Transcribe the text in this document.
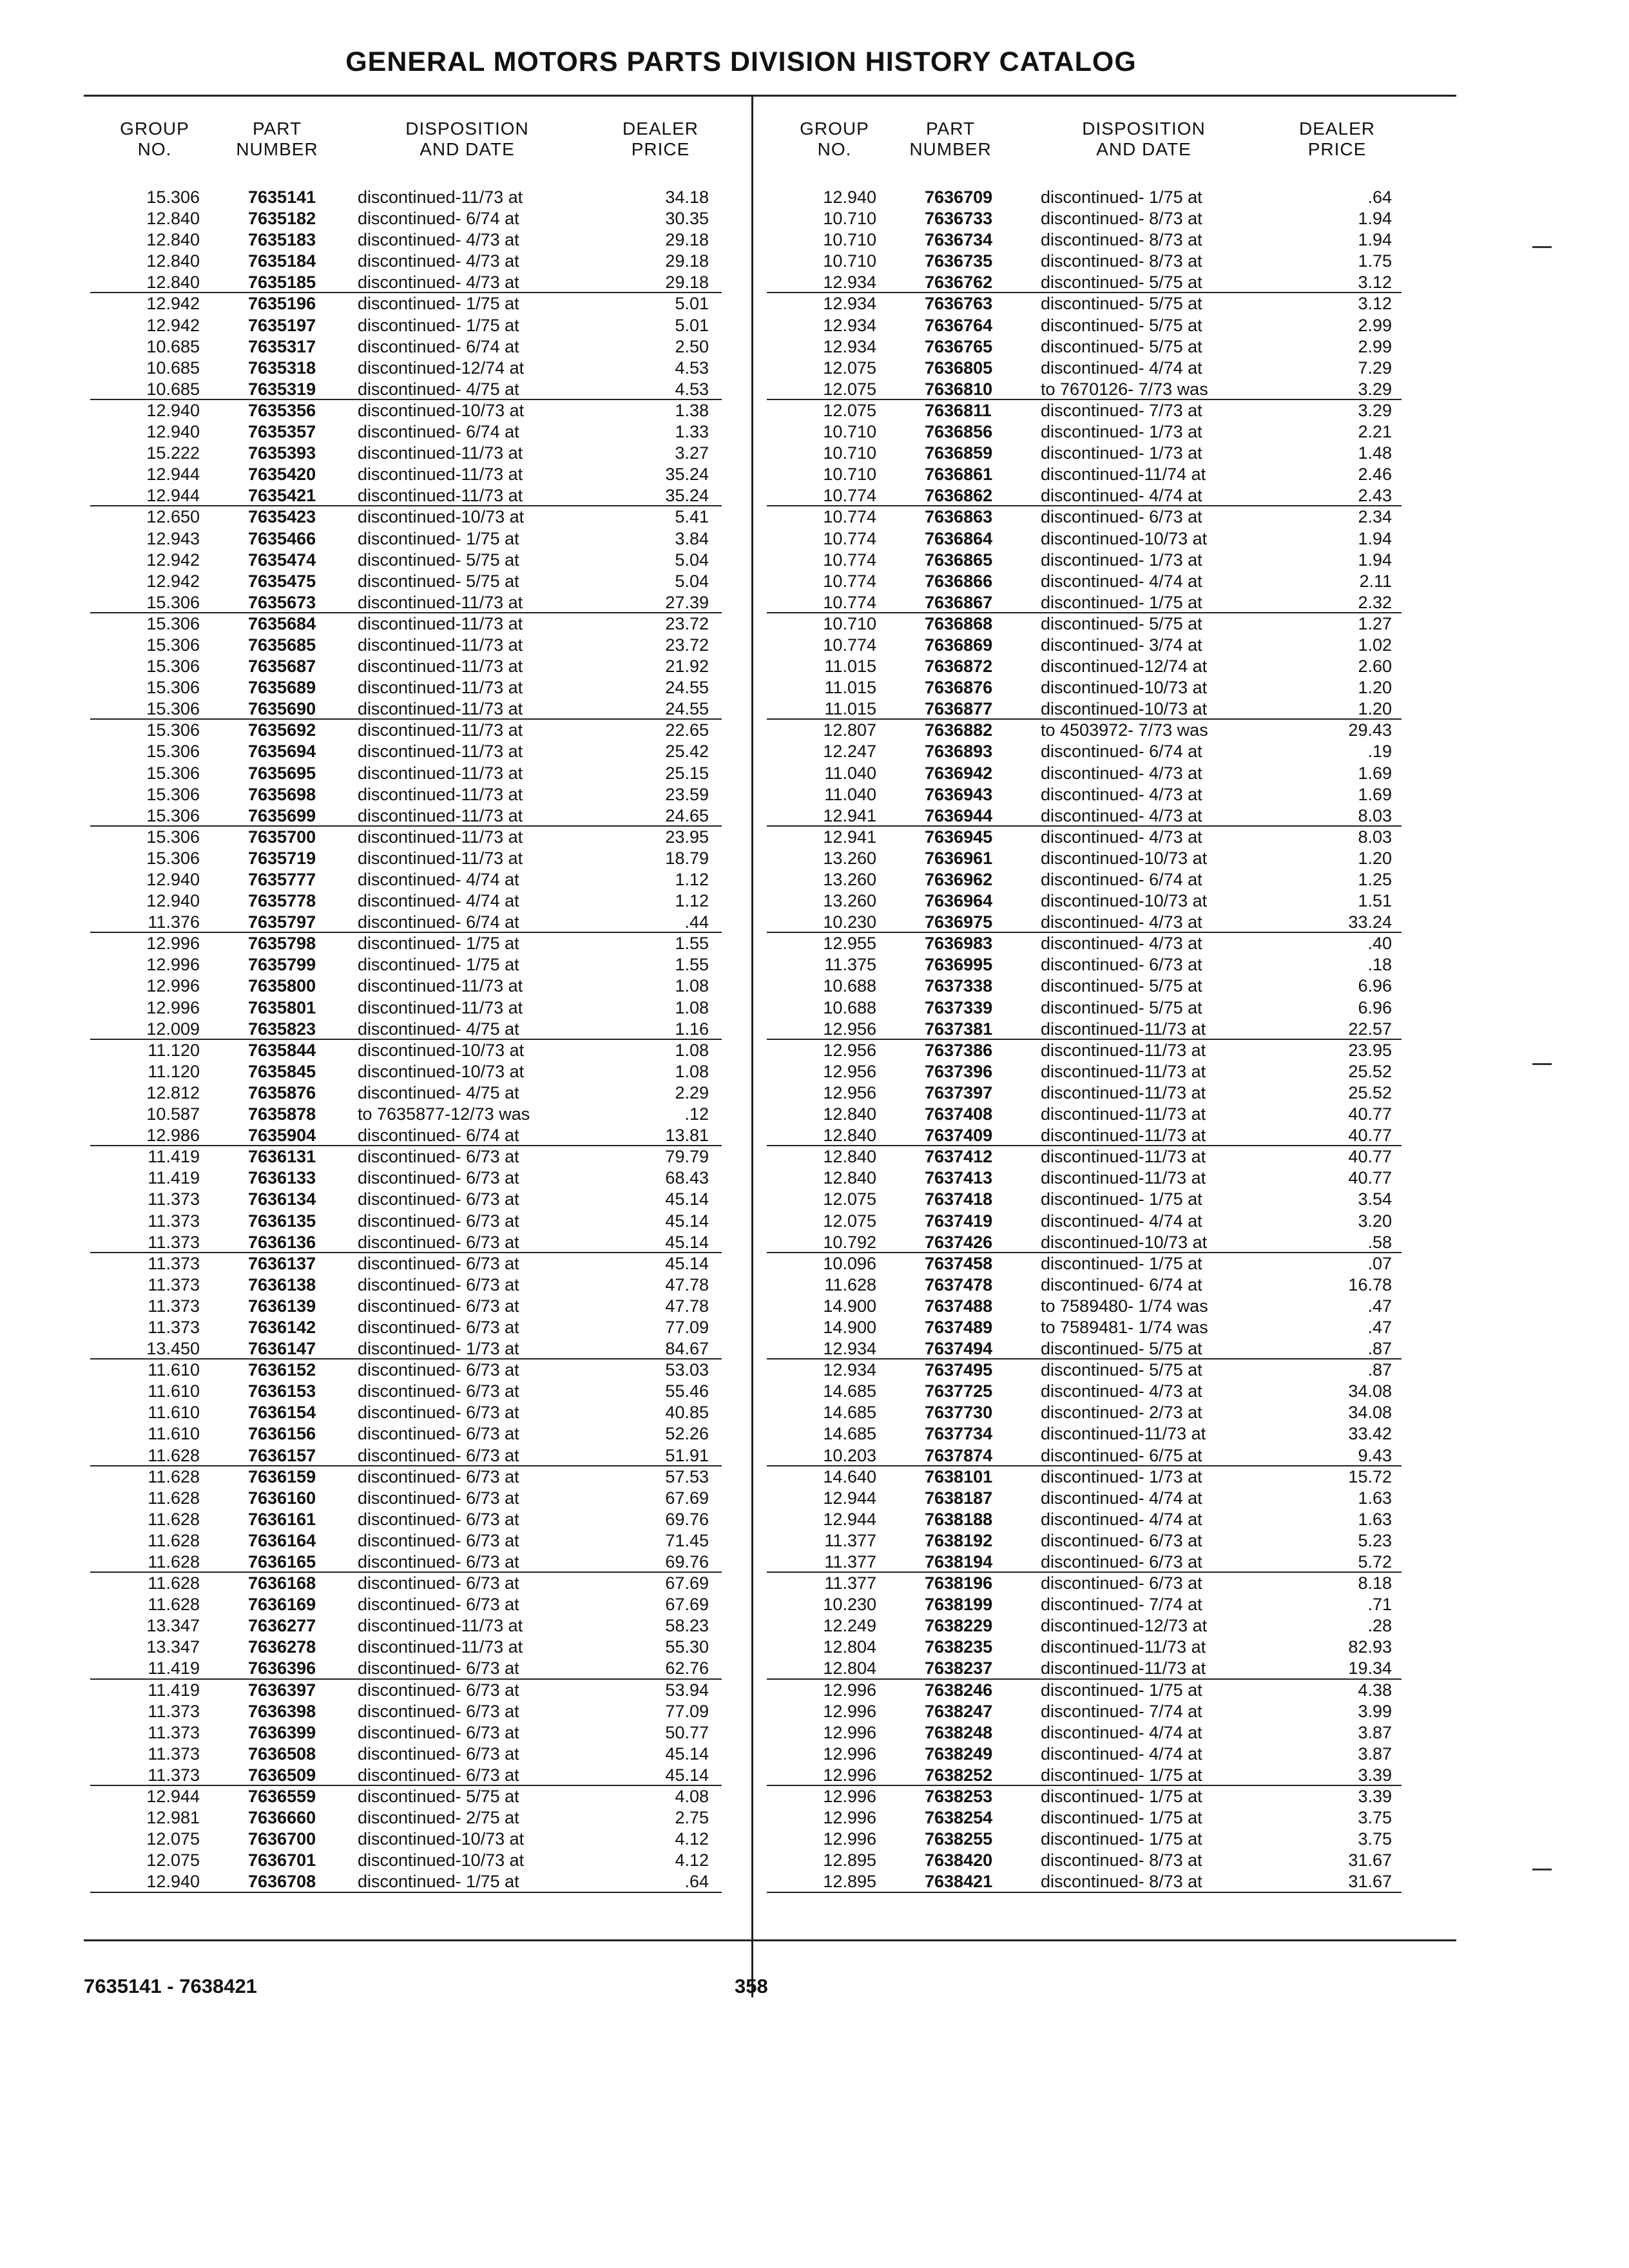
GENERAL MOTORS PARTS DIVISION HISTORY CATALOG
GROUP
NO.
PART
NUMBER
DISPOSITION
AND DATE
DEALER
PRICE
GROUP
NO.
PART
NUMBER
DISPOSITION
AND DATE
DEALER
PRICE
15.306	7635141 discontinued-11/73 at	34.18
12.840	7635182 discontinued- 6/74 at	30.35
12.840	7635183 discontinued- 4/73 at	29.18
12.840	7635184 discontinued- 4/73 at	29.18
12.840	7635185 discontinued- 4/73 at	29.18
12.942	7635196 discontinued- 1/75 at	5.01
12.942	7635197 discontinued- 1/75 at	5.01
10.685	7635317 discontinued- 6/74 at	2.50
10.685	7635318 discontinued-12/74 at	4.53
10.685	7635319 discontinued- 4/75 at	4.53
12.940	7635356 discontinued-10/73 at	1.38
12.940	7635357 discontinued- 6/74 at	1.33
15.222	7635393 discontinued-11/73 at	3.27
12.944	7635420 discontinued-11/73 at	35.24
12.944	7635421 discontinued-11/73 at	35.24
12.650	7635423 discontinued-10/73 at	5.41
12.943	7635466 discontinued- 1/75 at	3.84
12.942	7635474 discontinued- 5/75 at	5.04
12.942	7635475 discontinued- 5/75 at	5.04
15.306	7635673 discontinued-11/73 at	27.39
15.306	7635684 discontinued-11/73 at	23.72
15.306	7635685 discontinued-11/73 at	23.72
15.306	7635687 discontinued-11/73 at	21.92
15.306	7635689 discontinued-11/73 at	24.55
15.306	7635690 discontinued-11/73 at	24.55
15.306	7635692 discontinued-11/73 at	22.65
15.306	7635694 discontinued-11/73 at	25.42
15.306	7635695 discontinued-11/73 at	25.15
15.306	7635698 discontinued-11/73 at	23.59
15.306	7635699 discontinued-11/73 at	24.65
15.306	7635700 discontinued-11/73 at	23.95
15.306	7635719 discontinued-11/73 at	18.79
12.940	7635777 discontinued- 4/74 at	1.12
12.940	7635778 discontinued- 4/74 at	1.12
11.376	7635797 discontinued- 6/74 at	.44
12.996	7635798 discontinued- 1/75 at	1.55
12.996	7635799 discontinued- 1/75 at	1.55
12.996	7635800 discontinued-11/73 at	1.08
12.996	7635801 discontinued-11/73 at	1.08
12.009	7635823 discontinued- 4/75 at	1.16
11.120	7635844 discontinued-10/73 at	1.08
11.120	7635845 discontinued-10/73 at	1.08
12.812	7635876 discontinued- 4/75 at	2.29
10.587	7635878 to 7635877-12/73 was	.12
12.986	7635904 discontinued- 6/74 at	13.81
11.419	7636131 discontinued- 6/73 at	79.79
11.419	7636133 discontinued- 6/73 at	68.43
11.373	7636134 discontinued- 6/73 at	45.14
11.373	7636135 discontinued- 6/73 at	45.14
11.373	7636136 discontinued- 6/73 at	45.14
11.373	7636137 discontinued- 6/73 at	45.14
11.373	7636138 discontinued- 6/73 at	47.78
11.373	7636139 discontinued- 6/73 at	47.78
11.373	7636142 discontinued- 6/73 at	77.09
13.450	7636147 discontinued- 1/73 at	84.67
11.610	7636152 discontinued- 6/73 at	53.03
11.610	7636153 discontinued- 6/73 at	55.46
11.610	7636154 discontinued- 6/73 at	40.85
11.610	7636156 discontinued- 6/73 at	52.26
11.628	7636157 discontinued- 6/73 at	51.91
11.628	7636159 discontinued- 6/73 at	57.53
11.628	7636160 discontinued- 6/73 at	67.69
11.628	7636161 discontinued- 6/73 at	69.76
11.628	7636164 discontinued- 6/73 at	71.45
11.628	7636165 discontinued- 6/73 at	69.76
11.628	7636168 discontinued- 6/73 at	67.69
11.628	7636169 discontinued- 6/73 at	67.69
13.347	7636277 discontinued-11/73 at	58.23
13.347	7636278 discontinued-11/73 at	55.30
11.419	7636396 discontinued- 6/73 at	62.76
11.419	7636397 discontinued- 6/73 at	53.94
11.373	7636398 discontinued- 6/73 at	77.09
11.373	7636399 discontinued- 6/73 at	50.77
11.373	7636508 discontinued- 6/73 at	45.14
11.373	7636509 discontinued- 6/73 at	45.14
12.944	7636559 discontinued- 5/75 at	4.08
12.981	7636660 discontinued- 2/75 at	2.75
12.075	7636700 discontinued-10/73 at	4.12
12.075	7636701 discontinued-10/73 at	4.12
12.940	7636708 discontinued- 1/75 at	.64
12.940	7636709	discontinued- 1/75 at	.64
10.710	7636733	discontinued- 8/73 at	1.94
10.710	7636734	discontinued- 8/73 at	1.94
10.710	7636735	discontinued- 8/73 at	1.75
12.934	7636762	discontinued- 5/75 at	3.12
12.934	7636763	discontinued- 5/75 at	3.12
12.934	7636764	discontinued- 5/75 at	2.99
12.934	7636765	discontinued- 5/75 at	2.99
12.075	7636805	discontinued- 4/74 at	7.29
12.075	7636810	to 7670126- 7/73 was	3.29
12.075	7636811	discontinued- 7/73 at	3.29
10.710	7636856	discontinued- 1/73 at	2.21
10.710	7636859	discontinued- 1/73 at	1.48
10.710	7636861	discontinued-11/74 at	2.46
10.774	7636862	discontinued- 4/74 at	2.43
10.774	7636863	discontinued- 6/73 at	2.34
10.774	7636864	discontinued-10/73 at	1.94
10.774	7636865	discontinued- 1/73 at	1.94
10.774	7636866	discontinued- 4/74 at	2.11
10.774	7636867	discontinued- 1/75 at	2.32
10.710	7636868	discontinued- 5/75 at	1.27
10.774	7636869	discontinued- 3/74 at	1.02
11.015	7636872	discontinued-12/74 at	2.60
11.015	7636876	discontinued-10/73 at	1.20
11.015	7636877	discontinued-10/73 at	1.20
12.807	7636882	to 4503972- 7/73 was	29.43
12.247	7636893	discontinued- 6/74 at	.19
11.040	7636942	discontinued- 4/73 at	1.69
11.040	7636943	discontinued- 4/73 at	1.69
12.941	7636944	discontinued- 4/73 at	8.03
12.941	7636945	discontinued- 4/73 at	8.03
13.260	7636961	discontinued-10/73 at	1.20
13.260	7636962	discontinued- 6/74 at	1.25
13.260	7636964	discontinued-10/73 at	1.51
10.230	7636975	discontinued- 4/73 at	33.24
12.955	7636983	discontinued- 4/73 at	.40
11.375	7636995	discontinued- 6/73 at	.18
10.688	7637338	discontinued- 5/75 at	6.96
10.688	7637339	discontinued- 5/75 at	6.96
12.956	7637381	discontinued-11/73 at	22.57
12.956	7637386	discontinued-11/73 at	23.95
12.956	7637396	discontinued-11/73 at	25.52
12.956	7637397	discontinued-11/73 at	25.52
12.840	7637408	discontinued-11/73 at	40.77
12.840	7637409	discontinued-11/73 at	40.77
12.840	7637412	discontinued-11/73 at	40.77
12.840	7637413	discontinued-11/73 at	40.77
12.075	7637418	discontinued- 1/75 at	3.54
12.075	7637419	discontinued- 4/74 at	3.20
10.792	7637426	discontinued-10/73 at	.58
10.096	7637458	discontinued- 1/75 at	.07
11.628	7637478	discontinued- 6/74 at	16.78
14.900	7637488	to 7589480- 1/74 was	.47
14.900	7637489	to 7589481- 1/74 was	.47
12.934	7637494	discontinued- 5/75 at	.87
12.934	7637495	discontinued- 5/75 at	.87
14.685	7637725	discontinued- 4/73 at	34.08
14.685	7637730	discontinued- 2/73 at	34.08
14.685	7637734	discontinued-11/73 at	33.42
10.203	7637874	discontinued- 6/75 at	9.43
14.640	7638101	discontinued- 1/73 at	15.72
12.944	7638187	discontinued- 4/74 at	1.63
12.944	7638188	discontinued- 4/74 at	1.63
11.377	7638192	discontinued- 6/73 at	5.23
11.377	7638194	discontinued- 6/73 at	5.72
11.377	7638196	discontinued- 6/73 at	8.18
10.230	7638199	discontinued- 7/74 at	.71
12.249	7638229	discontinued-12/73 at	.28
12.804	7638235	discontinued-11/73 at	82.93
12.804	7638237	discontinued-11/73 at	19.34
12.996	7638246	discontinued- 1/75 at	4.38
12.996	7638247	discontinued- 7/74 at	3.99
12.996	7638248	discontinued- 4/74 at	3.87
12.996	7638249	discontinued- 4/74 at	3.87
12.996	7638252	discontinued- 1/75 at	3.39
12.996	7638253	discontinued- 1/75 at	3.39
12.996	7638254	discontinued- 1/75 at	3.75
12.996	7638255	discontinued- 1/75 at	3.75
12.895	7638420	discontinued- 8/73 at	31.67
12.895	7638421	discontinued- 8/73 at	31.67
7635141 - 7638421	358
